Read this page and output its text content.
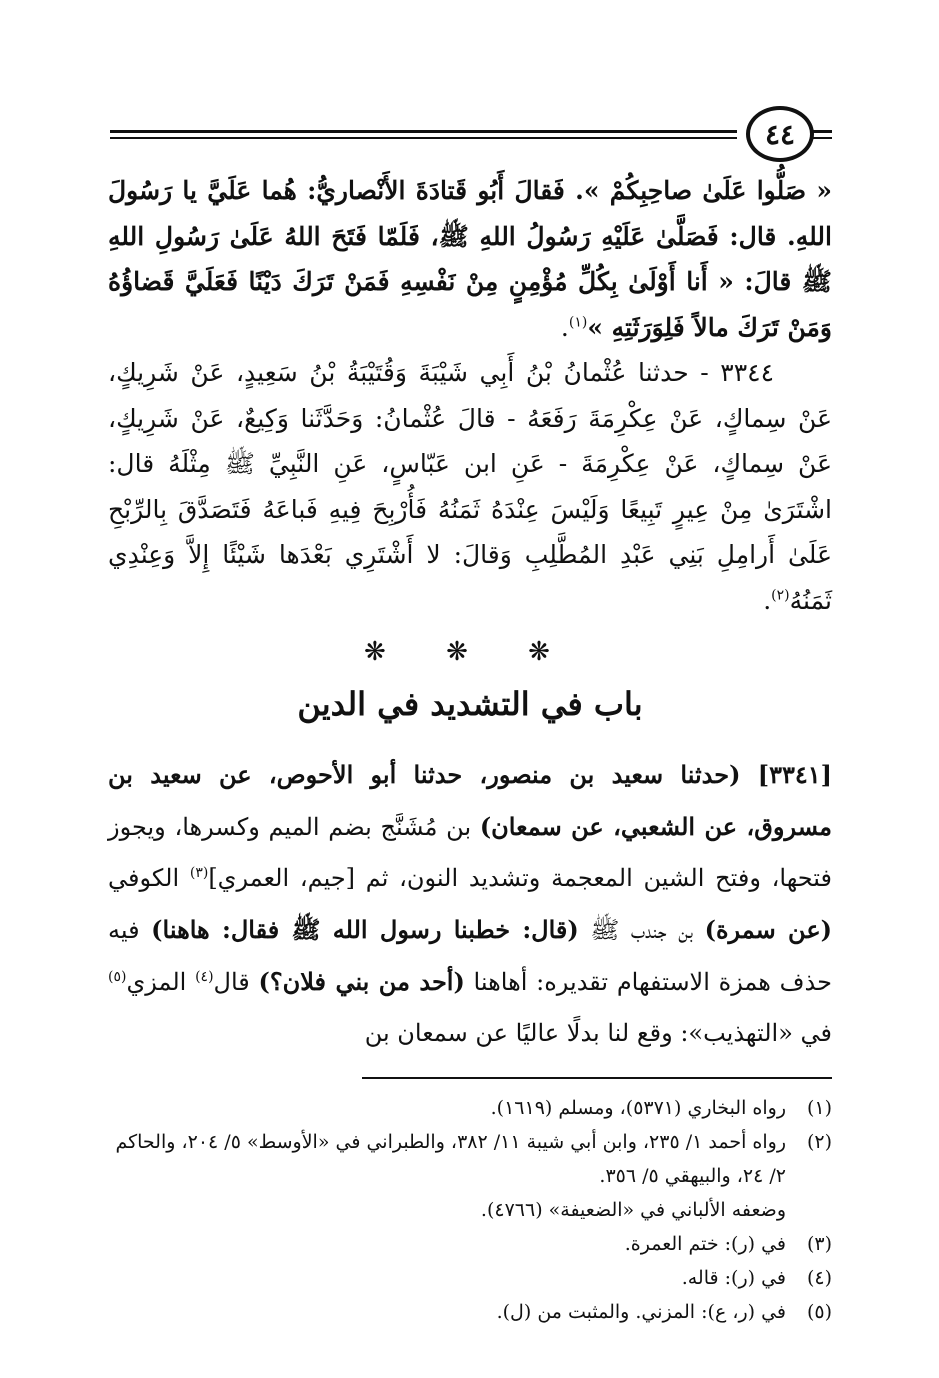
٤٤

« صَلُّوا عَلَىٰ صاحِبِكُمْ ». فَقالَ أَبُو قَتادَةَ الأَنْصاريُّ: هُما عَلَيَّ يا رَسُولَ اللهِ. قال: فَصَلَّىٰ عَلَيْهِ رَسُولُ اللهِ ﷺ، فَلَمّا فَتَحَ اللهُ عَلَىٰ رَسُولِ اللهِ ﷺ قالَ: « أَنا أَوْلَىٰ بِكُلِّ مُؤْمِنٍ مِنْ نَفْسِهِ فَمَنْ تَرَكَ دَيْنًا فَعَلَيَّ قَضاؤُهُ وَمَنْ تَرَكَ مالاً فَلِوَرَثَتِهِ »$^{(١)}$.

٣٣٤٤ - حدثنا عُثْمانُ بْنُ أَبِي شَيْبَةَ وَقُتَيْبَةُ بْنُ سَعِيدٍ، عَنْ شَرِيكٍ، عَنْ سِماكٍ، عَنْ عِكْرِمَةَ رَفَعَهُ - قالَ عُثْمانُ: وَحَدَّثَنا وَكِيعٌ، عَنْ شَرِيكٍ، عَنْ سِماكٍ، عَنْ عِكْرِمَةَ - عَنِ ابن عَبّاسٍ، عَنِ النَّبِيِّ ﷺ مِثْلَهُ قال: اشْتَرَىٰ مِنْ عِيرٍ تَبِيعًا وَلَيْسَ عِنْدَهُ ثَمَنُهُ فَأُرْبِحَ فِيهِ فَباعَهُ فَتَصَدَّقَ بِالرِّبْحِ عَلَىٰ أَرامِلِ بَنِي عَبْدِ المُطَّلِبِ وَقالَ: لا أَشْتَرِي بَعْدَها شَيْئًا إِلاَّ وَعِنْدِي ثَمَنُهُ$^{(٢)}$.

❋ ❋ ❋
باب في التشديد في الدين

[٣٣٤١] (حدثنا سعيد بن منصور، حدثنا أبو الأحوص، عن سعيد بن مسروق، عن الشعبي، عن سمعان) بن مُشَنَّج بضم الميم وكسرها، ويجوز فتحها، وفتح الشين المعجمة وتشديد النون، ثم [جيم، العمري]$^{(٣)}$ الكوفي (عن سمرة) بن جندب ﷺ (قال: خطبنا رسول الله ﷺ فقال: هاهنا) فيه حذف همزة الاستفهام تقديره: أهاهنا (أحد من بني فلان؟) قال$^{(٤)}$ المزي$^{(٥)}$ في «التهذيب»: وقع لنا بدلًا عاليًا عن سمعان بن

(١)

رواه البخاري (٥٣٧١)، ومسلم (١٦١٩).

(٢)

رواه أحمد ١/ ٢٣٥، وابن أبي شيبة ١١/ ٣٨٢، والطبراني في «الأوسط» ٥/ ٢٠٤، والحاكم ٢/ ٢٤، والبيهقي ٥/ ٣٥٦.

وضعفه الألباني في «الضعيفة» (٤٧٦٦).

(٣)

في (ر): ختم العمرة.

(٤)

في (ر): قاله.

(٥)

في (ر، ع): المزني. والمثبت من (ل).
